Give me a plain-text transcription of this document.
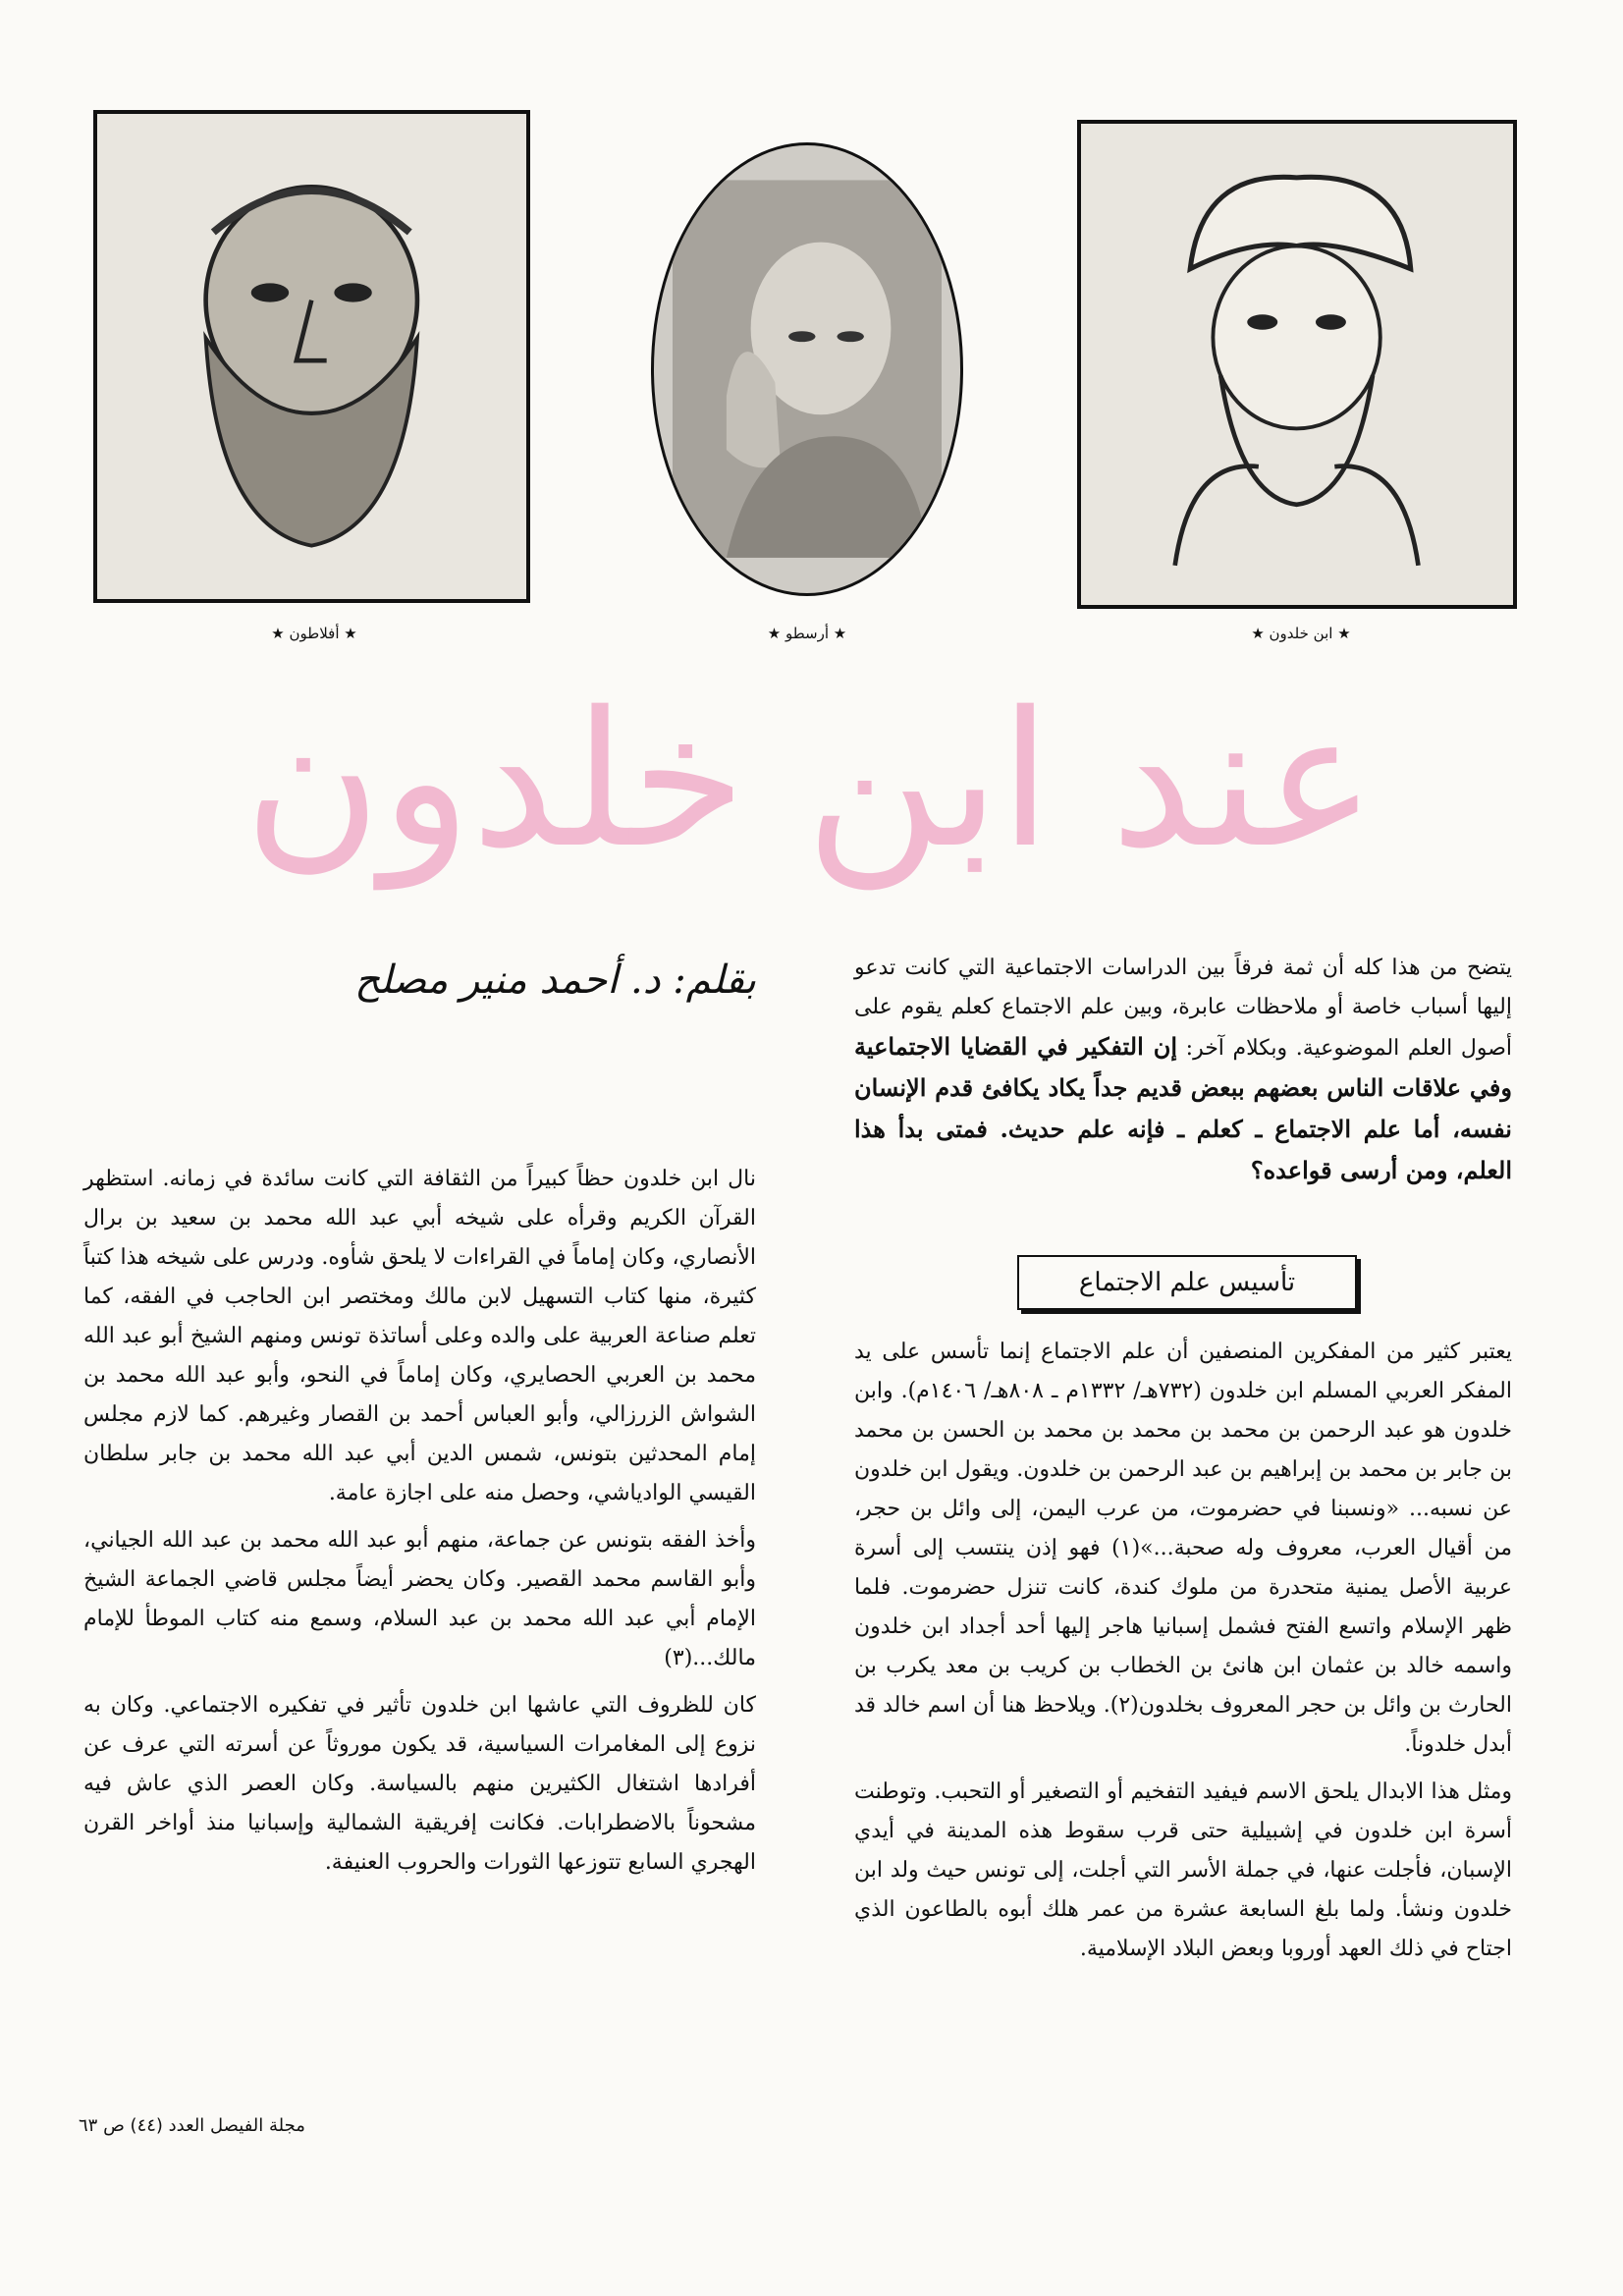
★ أفلاطون ★	★ أرسطو ★	★ ابن خلدون ★
عند ابن خلدون
بقلم: د. أحمد منير مصلح	يتضح من هذا كله أن ثمة فرقاً بين الدراسات الاجتماعية التي كانت تدعو إليها أسباب خاصة أو ملاحظات عابرة، وبين علم الاجتماع كعلم يقوم على أصول العلم الموضوعية. وبكلام آخر: إن التفكير في القضايا الاجتماعية وفي علاقات الناس بعضهم ببعض قديم جداً يكاد يكافئ قدم الإنسان نفسه، أما علم الاجتماع ـ كعلم ـ فإنه علم حديث. فمتى بدأ هذا العلم، ومن أرسى قواعده؟

تأسيس علم الاجتماع

يعتبر كثير من المفكرين المنصفين أن علم الاجتماع إنما تأسس على يد المفكر العربي المسلم ابن خلدون (٧٣٢هـ/ ١٣٣٢م ـ ٨٠٨هـ/ ١٤٠٦م). وابن خلدون هو عبد الرحمن بن محمد بن محمد بن محمد بن الحسن بن محمد بن جابر بن محمد بن إبراهيم بن عبد الرحمن بن خلدون. ويقول ابن خلدون عن نسبه... «ونسبنا في حضرموت، من عرب اليمن، إلى وائل بن حجر، من أقيال العرب، معروف وله صحبة...»(١) فهو إذن ينتسب إلى أسرة عربية الأصل يمنية متحدرة من ملوك كندة، كانت تنزل حضرموت. فلما ظهر الإسلام واتسع الفتح فشمل إسبانيا هاجر إليها أحد أجداد ابن خلدون واسمه خالد بن عثمان ابن هانئ بن الخطاب بن كريب بن معد يكرب بن الحارث بن وائل بن حجر المعروف بخلدون(٢). ويلاحظ هنا أن اسم خالد قد أبدل خلدوناً.

ومثل هذا الابدال يلحق الاسم فيفيد التفخيم أو التصغير أو التحبب. وتوطنت أسرة ابن خلدون في إشبيلية حتى قرب سقوط هذه المدينة في أيدي الإسبان، فأجلت عنها، في جملة الأسر التي أجلت، إلى تونس حيث ولد ابن خلدون ونشأ. ولما بلغ السابعة عشرة من عمر هلك أبوه بالطاعون الذي اجتاح في ذلك العهد أوروبا وبعض البلاد الإسلامية.

نال ابن خلدون حظاً كبيراً من الثقافة التي كانت سائدة في زمانه. استظهر القرآن الكريم وقرأه على شيخه أبي عبد الله محمد بن سعيد بن برال الأنصاري، وكان إماماً في القراءات لا يلحق شأوه. ودرس على شيخه هذا كتباً كثيرة، منها كتاب التسهيل لابن مالك ومختصر ابن الحاجب في الفقه، كما تعلم صناعة العربية على والده وعلى أساتذة تونس ومنهم الشيخ أبو عبد الله محمد بن العربي الحصايري، وكان إماماً في النحو، وأبو عبد الله محمد بن الشواش الزرزالي، وأبو العباس أحمد بن القصار وغيرهم. كما لازم مجلس إمام المحدثين بتونس، شمس الدين أبي عبد الله محمد بن جابر سلطان القيسي الوادياشي، وحصل منه على اجازة عامة.

وأخذ الفقه بتونس عن جماعة، منهم أبو عبد الله محمد بن عبد الله الجياني، وأبو القاسم محمد القصير. وكان يحضر أيضاً مجلس قاضي الجماعة الشيخ الإمام أبي عبد الله محمد بن عبد السلام، وسمع منه كتاب الموطأ للإمام مالك...(٣)

كان للظروف التي عاشها ابن خلدون تأثير في تفكيره الاجتماعي. وكان به نزوع إلى المغامرات السياسية، قد يكون موروثاً عن أسرته التي عرف عن أفرادها اشتغال الكثيرين منهم بالسياسة. وكان العصر الذي عاش فيه مشحوناً بالاضطرابات. فكانت إفريقية الشمالية وإسبانيا منذ أواخر القرن الهجري السابع تتوزعها الثورات والحروب العنيفة.

مجلة الفيصل العدد (٤٤) ص ٦٣
